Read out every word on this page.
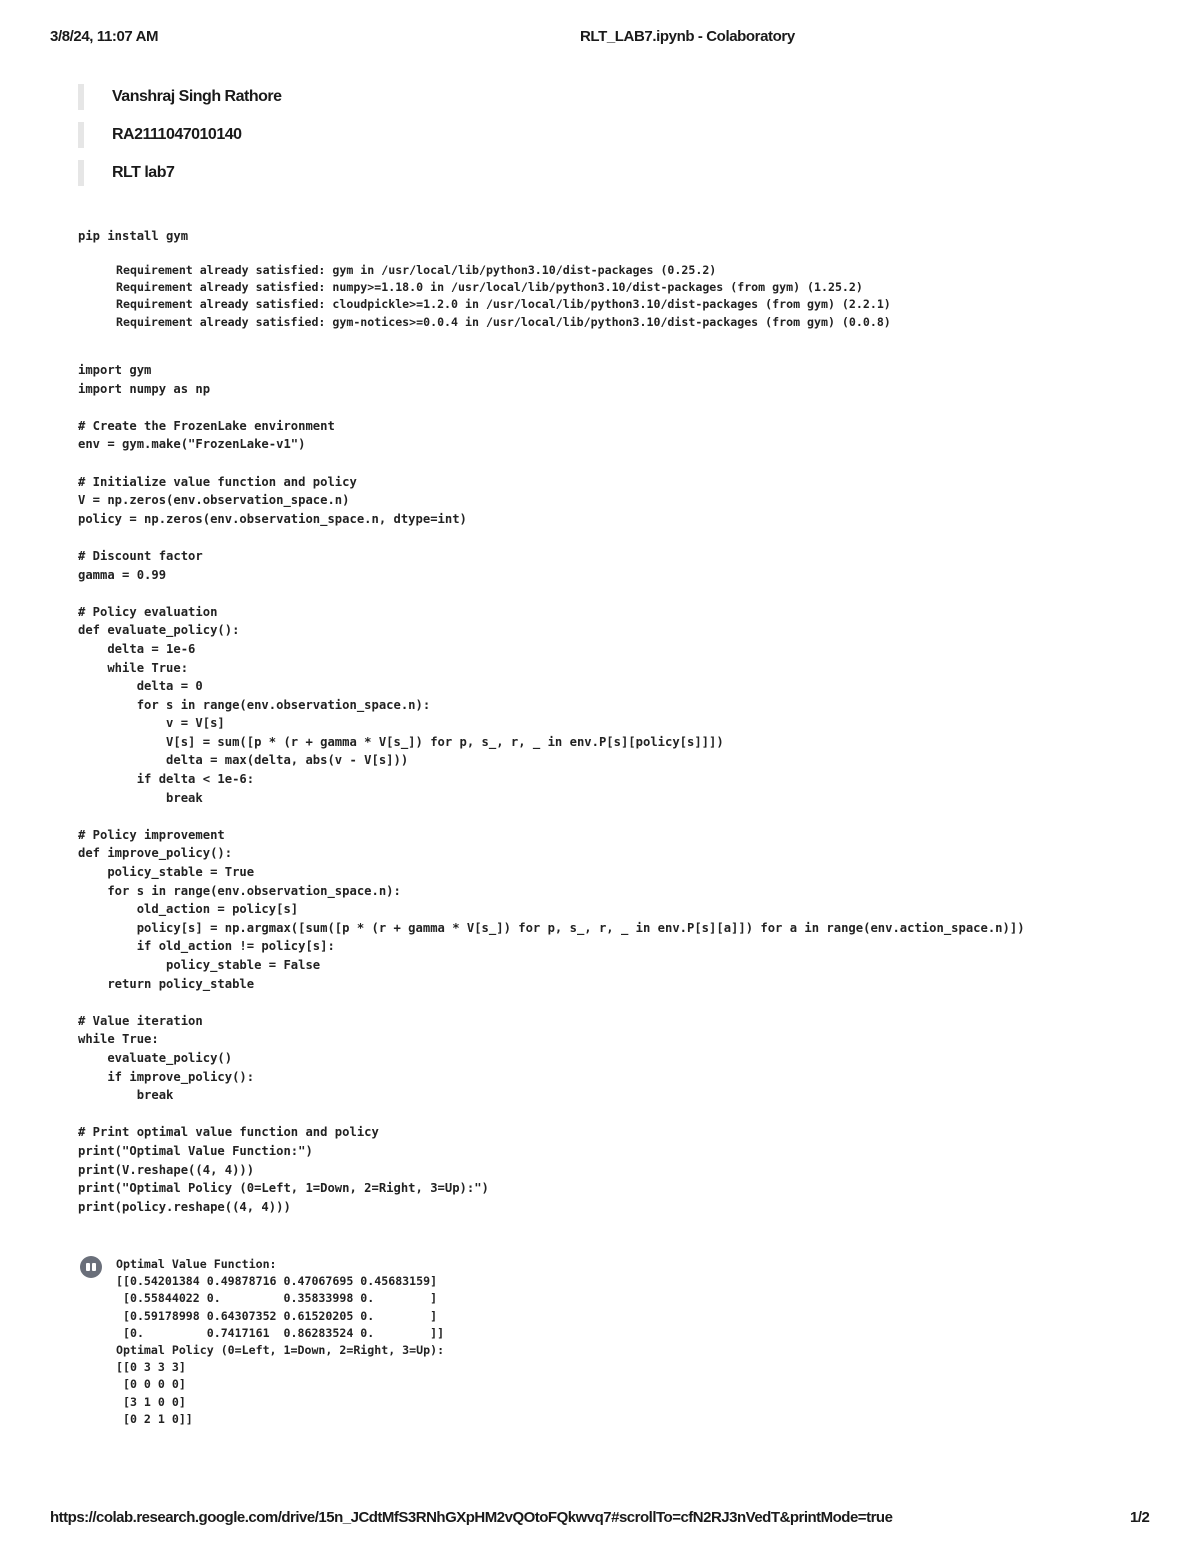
3/8/24, 11:07 AM	RLT_LAB7.ipynb - Colaboratory
Vanshraj Singh Rathore
RA2111047010140
RLT lab7
pip install gym
Requirement already satisfied: gym in /usr/local/lib/python3.10/dist-packages (0.25.2)
Requirement already satisfied: numpy>=1.18.0 in /usr/local/lib/python3.10/dist-packages (from gym) (1.25.2)
Requirement already satisfied: cloudpickle>=1.2.0 in /usr/local/lib/python3.10/dist-packages (from gym) (2.2.1)
Requirement already satisfied: gym-notices>=0.0.4 in /usr/local/lib/python3.10/dist-packages (from gym) (0.0.8)
import gym
import numpy as np

# Create the FrozenLake environment
env = gym.make("FrozenLake-v1")

# Initialize value function and policy
V = np.zeros(env.observation_space.n)
policy = np.zeros(env.observation_space.n, dtype=int)

# Discount factor
gamma = 0.99

# Policy evaluation
def evaluate_policy():
delta = 1e-6
while True:
delta = 0
for s in range(env.observation_space.n):
v = V[s]
V[s] = sum([p * (r + gamma * V[s_]) for p, s_, r, _ in env.P[s][policy[s]]])
delta = max(delta, abs(v - V[s]))
if delta < 1e-6:
break

# Policy improvement
def improve_policy():
policy_stable = True
for s in range(env.observation_space.n):
old_action = policy[s]
policy[s] = np.argmax([sum([p * (r + gamma * V[s_]) for p, s_, r, _ in env.P[s][a]]) for a in range(env.action_space.n)])
if old_action != policy[s]:
policy_stable = False
return policy_stable

# Value iteration
while True:
evaluate_policy()
if improve_policy():
break

# Print optimal value function and policy
print("Optimal Value Function:")
print(V.reshape((4, 4)))
print("Optimal Policy (0=Left, 1=Down, 2=Right, 3=Up):")
print(policy.reshape((4, 4)))
Optimal Value Function:
[[0.54201384 0.49878716 0.47067695 0.45683159]
[0.55844022 0.         0.35833998 0.        ]
[0.59178998 0.64307352 0.61520205 0.        ]
[0.         0.7417161  0.86283524 0.        ]]
Optimal Policy (0=Left, 1=Down, 2=Right, 3=Up):
[[0 3 3 3]
[0 0 0 0]
[3 1 0 0]
[0 2 1 0]]
https://colab.research.google.com/drive/15n_JCdtMfS3RNhGXpHM2vQOtoFQkwvq7#scrollTo=cfN2RJ3nVedT&printMode=true	1/2
